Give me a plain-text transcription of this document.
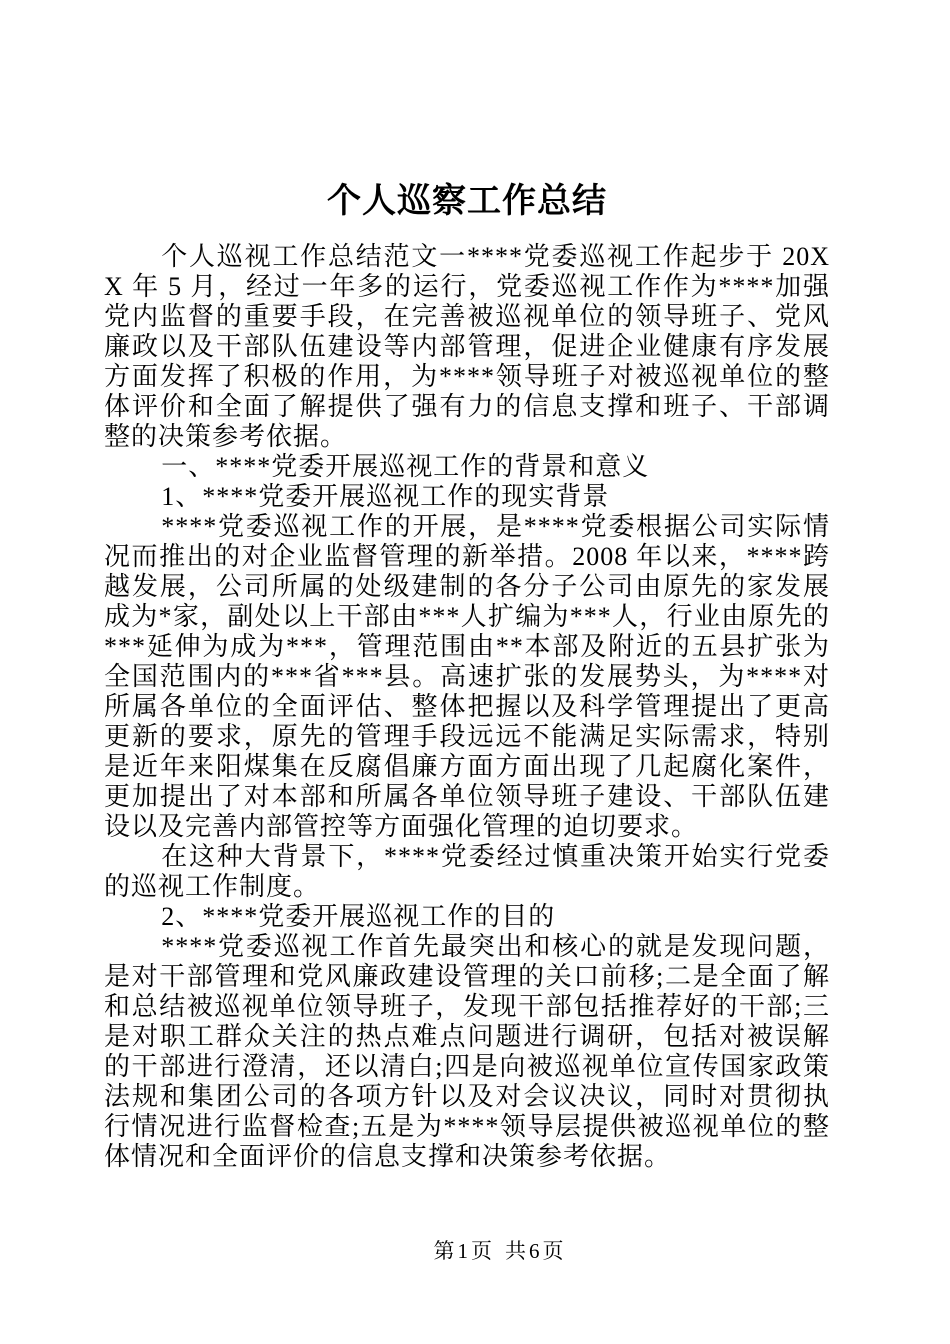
个人巡察工作总结

个人巡视工作总结范文一****党委巡视工作起步于 20XX 年 5 月，经过一年多的运行，党委巡视工作作为****加强党内监督的重要手段，在完善被巡视单位的领导班子、党风廉政以及干部队伍建设等内部管理，促进企业健康有序发展方面发挥了积极的作用，为****领导班子对被巡视单位的整体评价和全面了解提供了强有力的信息支撑和班子、干部调整的决策参考依据。

一、****党委开展巡视工作的背景和意义

1、****党委开展巡视工作的现实背景

****党委巡视工作的开展，是****党委根据公司实际情况而推出的对企业监督管理的新举措。2008 年以来，****跨越发展，公司所属的处级建制的各分子公司由原先的家发展成为*家，副处以上干部由***人扩编为***人，行业由原先的***延伸为成为***，管理范围由**本部及附近的五县扩张为全国范围内的***省***县。高速扩张的发展势头，为****对所属各单位的全面评估、整体把握以及科学管理提出了更高更新的要求，原先的管理手段远远不能满足实际需求，特别是近年来阳煤集在反腐倡廉方面方面出现了几起腐化案件，更加提出了对本部和所属各单位领导班子建设、干部队伍建设以及完善内部管控等方面强化管理的迫切要求。

在这种大背景下，****党委经过慎重决策开始实行党委的巡视工作制度。

2、****党委开展巡视工作的目的

****党委巡视工作首先最突出和核心的就是发现问题，是对干部管理和党风廉政建设管理的关口前移;二是全面了解和总结被巡视单位领导班子，发现干部包括推荐好的干部;三是对职工群众关注的热点难点问题进行调研，包括对被误解的干部进行澄清，还以清白;四是向被巡视单位宣传国家政策法规和集团公司的各项方针以及对会议决议，同时对贯彻执行情况进行监督检查;五是为****领导层提供被巡视单位的整体情况和全面评价的信息支撑和决策参考依据。

第1页 共6页
